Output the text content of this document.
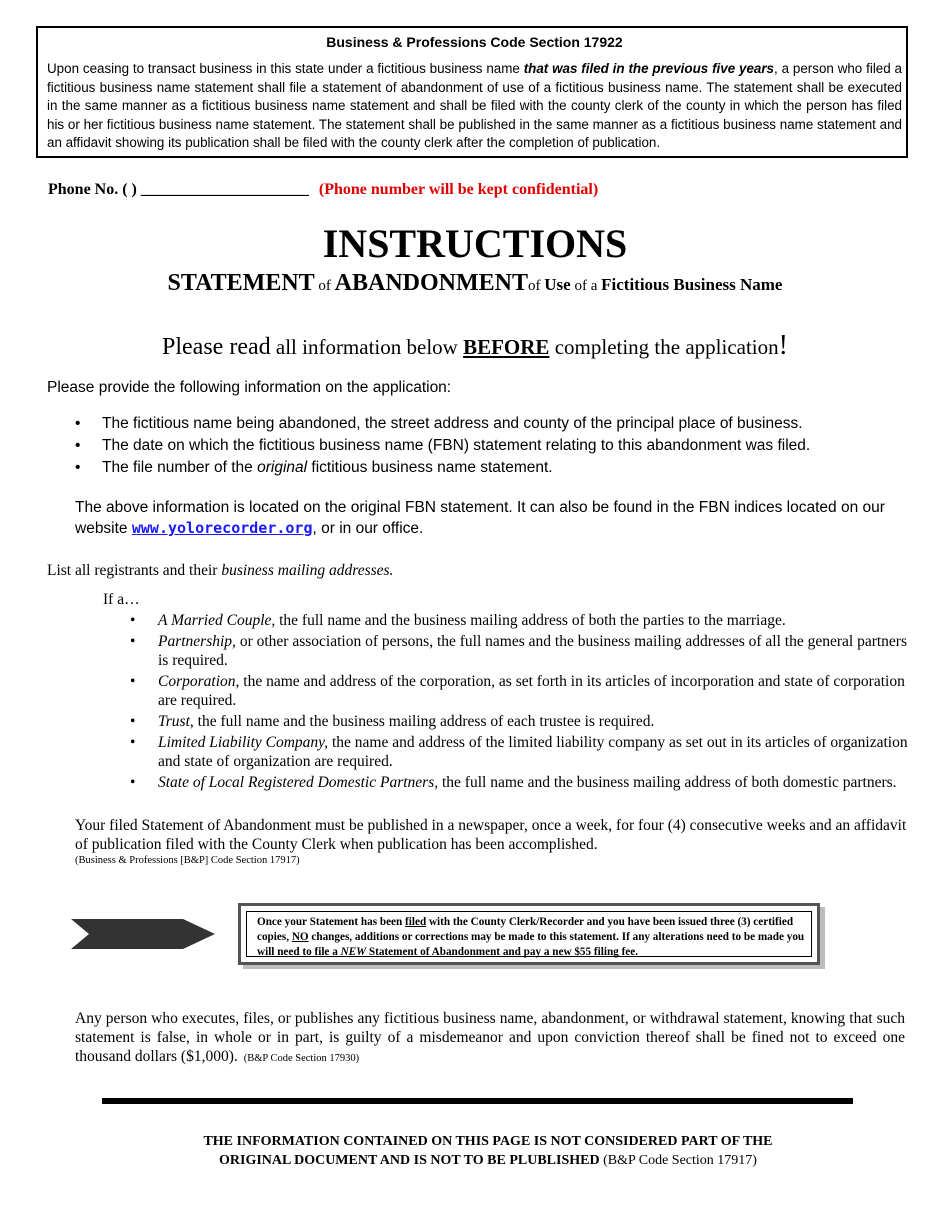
Business & Professions Code Section 17922

Upon ceasing to transact business in this state under a fictitious business name that was filed in the previous five years, a person who filed a fictitious business name statement shall file a statement of abandonment of use of a fictitious business name. The statement shall be executed in the same manner as a fictitious business name statement and shall be filed with the county clerk of the county in which the person has filed his or her fictitious business name statement. The statement shall be published in the same manner as a fictitious business name statement and an affidavit showing its publication shall be filed with the county clerk after the completion of publication.

Phone No. ( ) _____________________ (Phone number will be kept confidential)
INSTRUCTIONS
STATEMENT of ABANDONMENTof Use of a Fictitious Business Name
Please read all information below BEFORE completing the application!

Please provide the following information on the application:

• The fictitious name being abandoned, the street address and county of the principal place of business.
• The date on which the fictitious business name (FBN) statement relating to this abandonment was filed.
• The file number of the original fictitious business name statement.

The above information is located on the original FBN statement. It can also be found in the FBN indices located on our website www.yolorecorder.org, or in our office.

List all registrants and their business mailing addresses.

If a…

• A Married Couple, the full name and the business mailing address of both the parties to the marriage.
• Partnership, or other association of persons, the full names and the business mailing addresses of all the general partners is required.
• Corporation, the name and address of the corporation, as set forth in its articles of incorporation and state of corporation are required.
• Trust, the full name and the business mailing address of each trustee is required.
• Limited Liability Company, the name and address of the limited liability company as set out in its articles of organization and state of organization are required.
• State of Local Registered Domestic Partners, the full name and the business mailing address of both domestic partners.

Your filed Statement of Abandonment must be published in a newspaper, once a week, for four (4) consecutive weeks and an affidavit of publication filed with the County Clerk when publication has been accomplished.
(Business & Professions [B&P] Code Section 17917)

Once your Statement has been filed with the County Clerk/Recorder and you have been issued three (3) certified copies, NO changes, additions or corrections may be made to this statement. If any alterations need to be made you will need to file a NEW Statement of Abandonment and pay a new $55 filing fee.

Any person who executes, files, or publishes any fictitious business name, abandonment, or withdrawal statement, knowing that such statement is false, in whole or in part, is guilty of a misdemeanor and upon conviction thereof shall be fined not to exceed one thousand dollars ($1,000). (B&P Code Section 17930)

THE INFORMATION CONTAINED ON THIS PAGE IS NOT CONSIDERED PART OF THE
ORIGINAL DOCUMENT AND IS NOT TO BE PLUBLISHED (B&P Code Section 17917)
